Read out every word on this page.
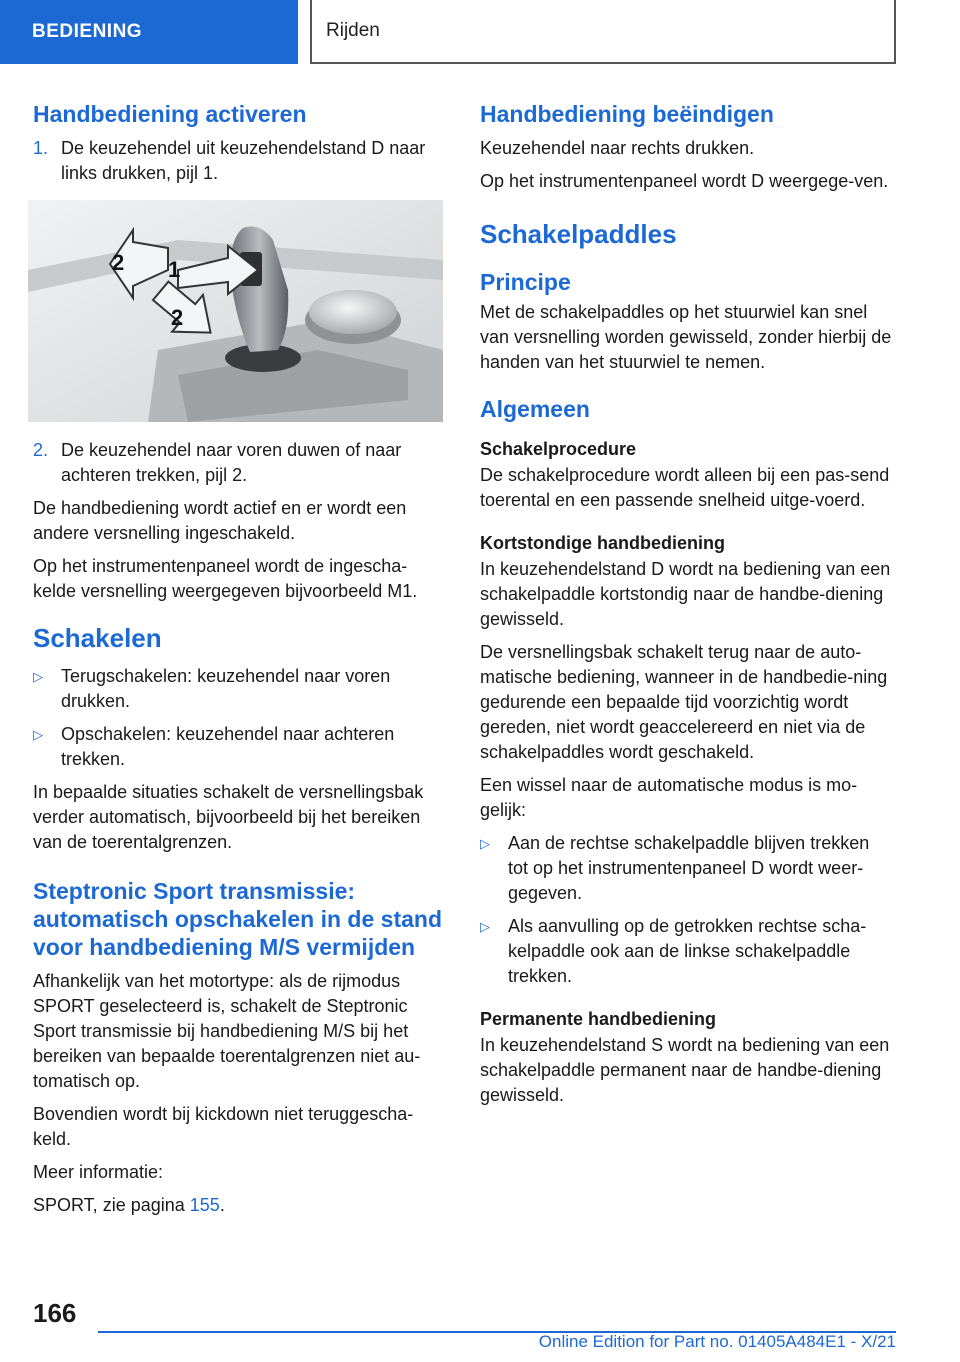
BEDIENING	Rijden
Handbediening activeren
1. De keuzehendel uit keuzehendelstand D naar links drukken, pijl 1.
1
2
2
2. De keuzehendel naar voren duwen of naar achteren trekken, pijl 2.

De handbediening wordt actief en er wordt een andere versnelling ingeschakeld.

Op het instrumentenpaneel wordt de ingescha-kelde versnelling weergegeven bijvoorbeeld M1.

Schakelen
▷	Terugschakelen: keuzehendel naar voren drukken.
▷	Opschakelen: keuzehendel naar achteren trekken.

In bepaalde situaties schakelt de versnellingsbak verder automatisch, bijvoorbeeld bij het bereiken van de toerentalgrenzen.

Steptronic Sport transmissie: automatisch opschakelen in de stand voor handbediening M/S vermijden

Afhankelijk van het motortype: als de rijmodus SPORT geselecteerd is, schakelt de Steptronic Sport transmissie bij handbediening M/S bij het bereiken van bepaalde toerentalgrenzen niet au-tomatisch op.

Bovendien wordt bij kickdown niet teruggescha-keld.

Meer informatie:

SPORT, zie pagina 155.

Handbediening beëindigen

Keuzehendel naar rechts drukken.

Op het instrumentenpaneel wordt D weergege-ven.

Schakelpaddles
Principe

Met de schakelpaddles op het stuurwiel kan snel van versnelling worden gewisseld, zonder hierbij de handen van het stuurwiel te nemen.

Algemeen
Schakelprocedure

De schakelprocedure wordt alleen bij een pas-send toerental en een passende snelheid uitge-voerd.

Kortstondige handbediening

In keuzehendelstand D wordt na bediening van een schakelpaddle kortstondig naar de handbe-diening gewisseld.

De versnellingsbak schakelt terug naar de auto-matische bediening, wanneer in de handbedie-ning gedurende een bepaalde tijd voorzichtig wordt gereden, niet wordt geaccelereerd en niet via de schakelpaddles wordt geschakeld.

Een wissel naar de automatische modus is mo-gelijk:

▷	Aan de rechtse schakelpaddle blijven trekken tot op het instrumentenpaneel D wordt weer-gegeven.
▷	Als aanvulling op de getrokken rechtse scha-kelpaddle ook aan de linkse schakelpaddle trekken.
Permanente handbediening

In keuzehendelstand S wordt na bediening van een schakelpaddle permanent naar de handbe-diening gewisseld.

166
Online Edition for Part no. 01405A484E1 - X/21
